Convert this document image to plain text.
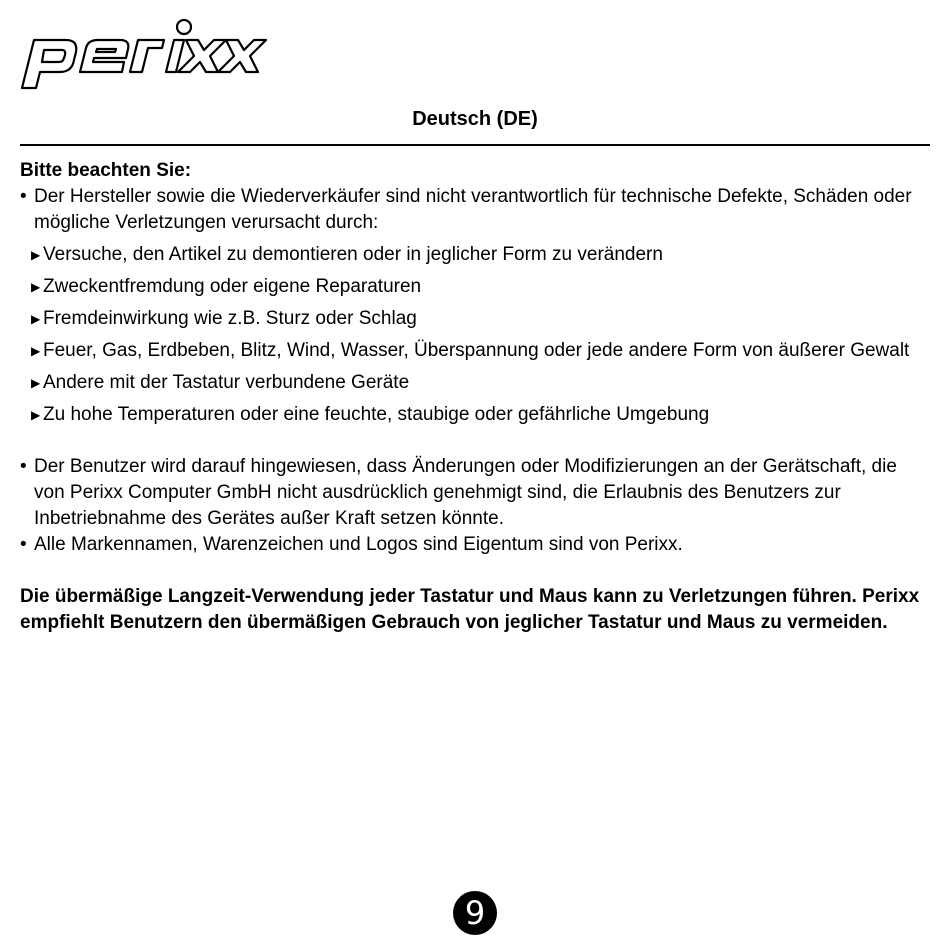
Deutsch (DE)
Bitte beachten Sie:
• Der Hersteller sowie die Wiederverkäufer sind nicht verantwortlich für technische Defekte, Schäden oder mögliche Verletzungen verursacht durch:
▶ Versuche, den Artikel zu demontieren oder in jeglicher Form zu verändern
▶ Zweckentfremdung oder eigene Reparaturen
▶ Fremdeinwirkung wie z.B. Sturz oder Schlag
▶ Feuer, Gas, Erdbeben, Blitz, Wind, Wasser, Überspannung oder jede andere Form von äußerer Gewalt
▶ Andere mit der Tastatur verbundene Geräte
▶ Zu hohe Temperaturen oder eine feuchte, staubige oder gefährliche Umgebung
• Der Benutzer wird darauf hingewiesen, dass Änderungen oder Modifizierungen an der Gerätschaft, die von Perixx Computer GmbH nicht ausdrücklich genehmigt sind, die Erlaubnis des Benutzers zur Inbetriebnahme des Gerätes außer Kraft setzen könnte.
• Alle Markennamen, Warenzeichen und Logos sind Eigentum sind von Perixx.
Die übermäßige Langzeit-Verwendung jeder Tastatur und Maus kann zu Verletzungen führen. Perixx empfiehlt Benutzern den übermäßigen Gebrauch von jeglicher Tastatur und Maus zu vermeiden.
9
